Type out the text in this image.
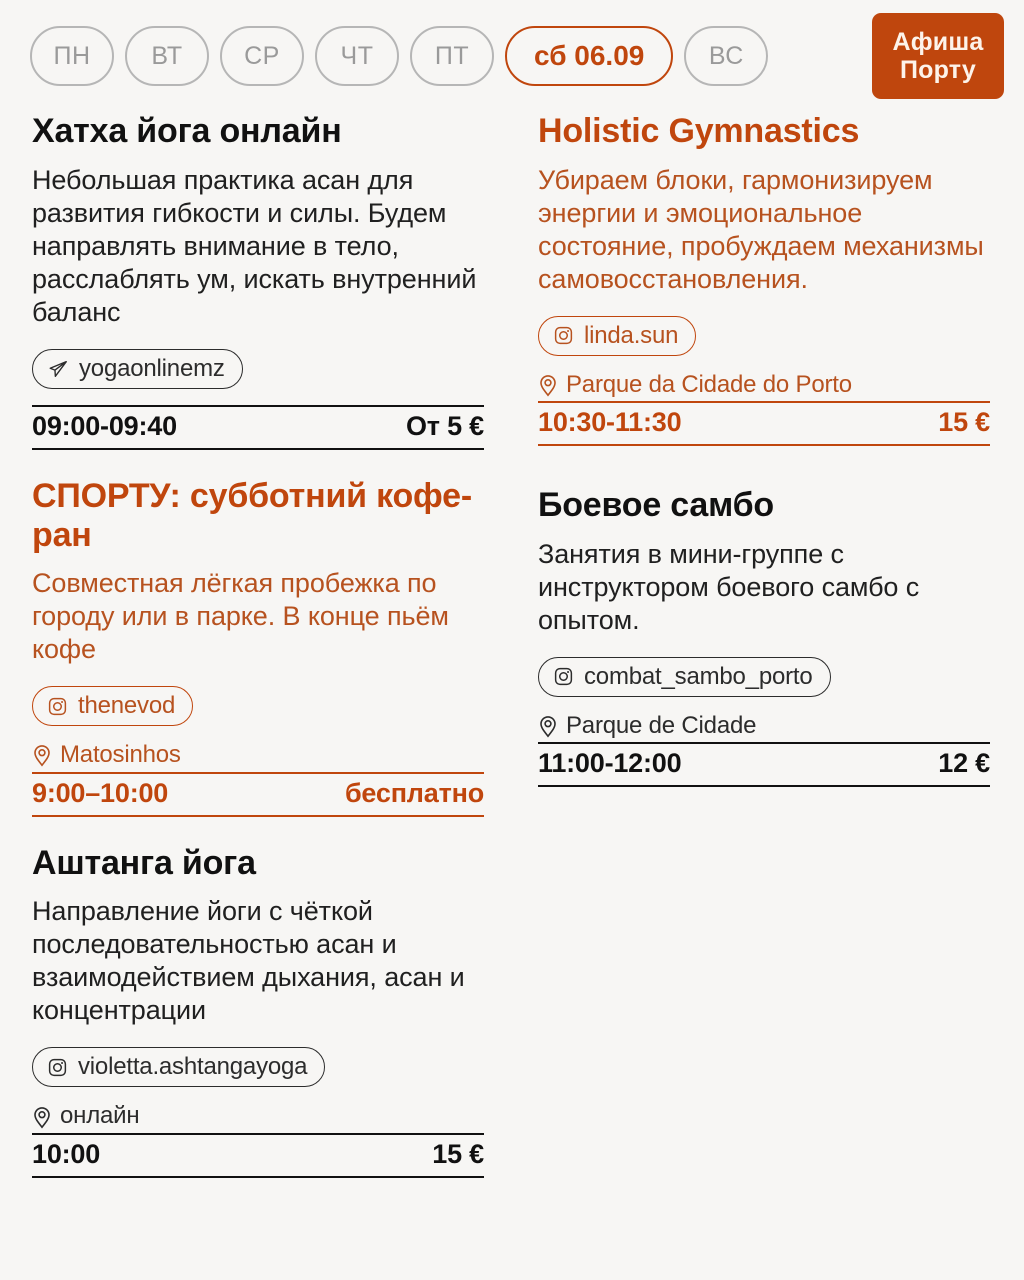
ПН	ВТ	СР	ЧТ	ПТ	сб 06.09	ВС	Афиша
Порту
Хатха йога онлайн
Небольшая практика асан для развития гибкости и силы. Будем направлять внимание в тело, расслаблять ум, искать внутренний баланс
yogaonlinemz
09:00-09:40	От 5 €
СПОРТУ: субботний кофе-ран
Совместная лёгкая пробежка по городу или в парке. В конце пьём кофе
thenevod
Matosinhos
9:00–10:00	бесплатно
Аштанга йога
Направление йоги с чёткой последовательностью асан и взаимодействием дыхания, асан и концентрации
violetta.ashtangayoga
онлайн
10:00	15 €
Holistic Gymnastics
Убираем блоки, гармонизируем энергии и эмоциональное состояние, пробуждаем механизмы самовосстановления.
linda.sun
Parque da Cidade do Porto
10:30-11:30	15 €
Боевое самбо
Занятия в мини-группе с инструктором боевого самбо с опытом.
combat_sambo_porto
Parque de Cidade
11:00-12:00	12 €
